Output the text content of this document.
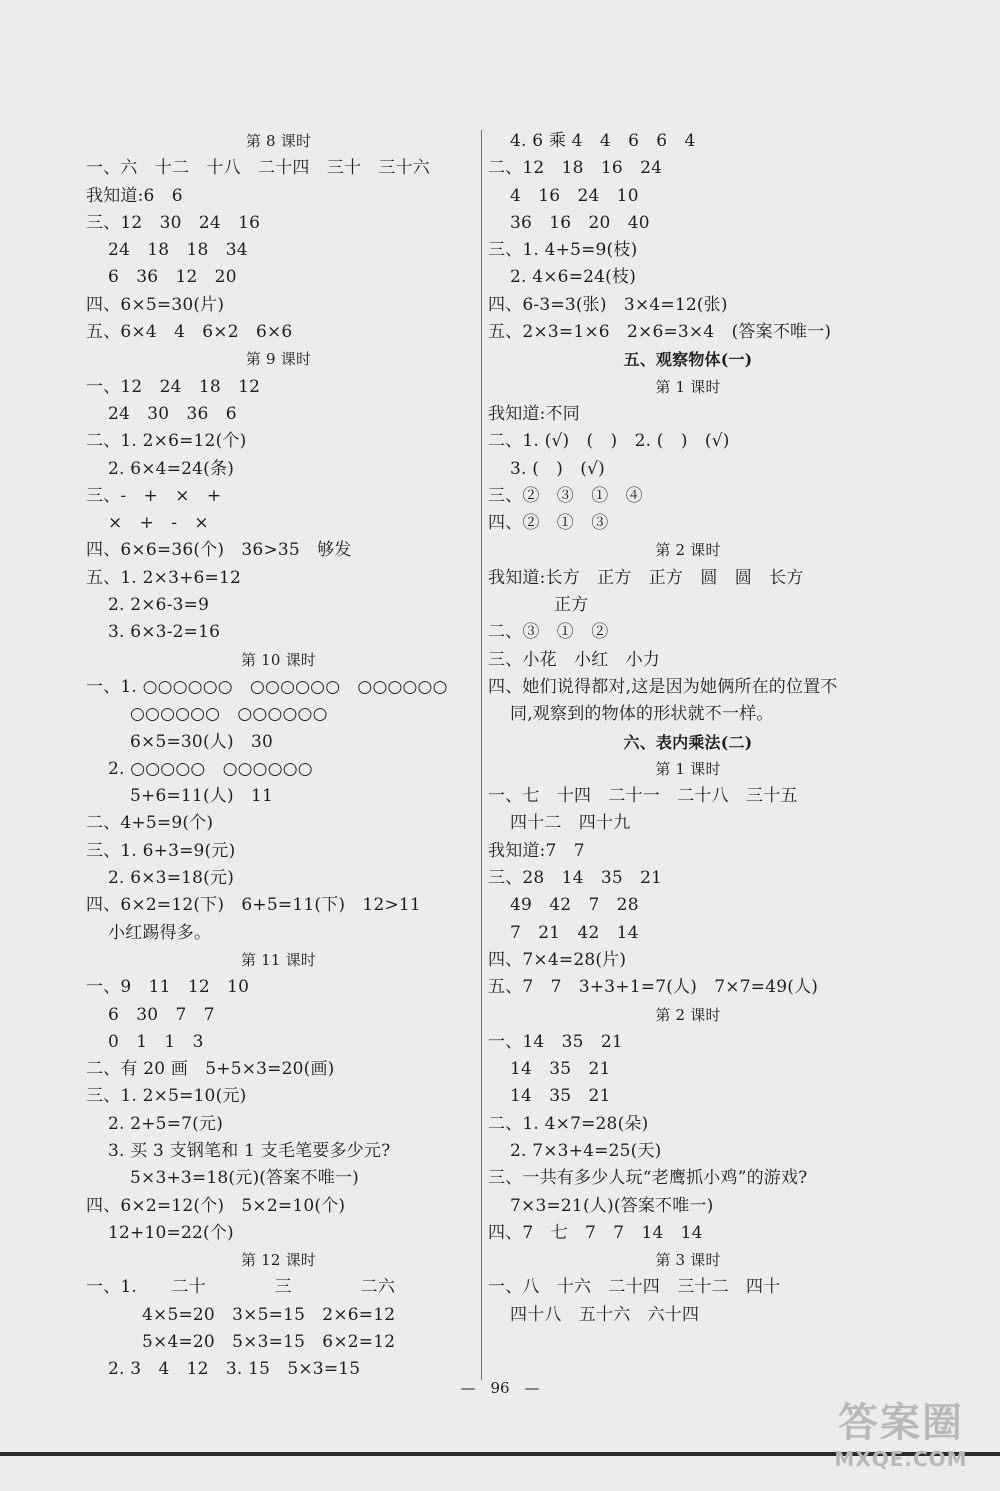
第 8 课时
一、六　十二　十八　二十四　三十　三十六
我知道:6　6
三、12　30　24　16
24　18　18　34
6　36　12　20
四、6×5=30(片)
五、6×4　4　6×2　6×6
第 9 课时
一、12　24　18　12
24　30　36　6
二、1. 2×6=12(个)
2. 6×4=24(条)
三、-　+　×　+
×　+　-　×
四、6×6=36(个)　36>35　够发
五、1. 2×3+6=12
2. 2×6-3=9
3. 6×3-2=16
第 10 课时
一、1. ○○○○○○　○○○○○○　○○○○○○
○○○○○○　○○○○○○
6×5=30(人)　30
2. ○○○○○　○○○○○○
5+6=11(人)　11
二、4+5=9(个)
三、1. 6+3=9(元)
2. 6×3=18(元)
四、6×2=12(下)　6+5=11(下)　12>11
小红踢得多。
第 11 课时
一、9　11　12　10
6　30　7　7
0　1　1　3
二、有 20 画　5+5×3=20(画)
三、1. 2×5=10(元)
2. 2+5=7(元)
3. 买 3 支钢笔和 1 支毛笔要多少元?
5×3+3=18(元)(答案不唯一)
四、6×2=12(个)　5×2=10(个)
12+10=22(个)
第 12 课时
一、1.　　二十　　　　三　　　　二六
4×5=20　3×5=15　2×6=12
5×4=20　5×3=15　6×2=12
2. 3　4　12　3. 15　5×3=15
4. 6 乘 4　4　6　6　4
二、12　18　16　24
4　16　24　10
36　16　20　40
三、1. 4+5=9(枝)
2. 4×6=24(枝)
四、6-3=3(张)　3×4=12(张)
五、2×3=1×6　2×6=3×4　(答案不唯一)
五、观察物体(一)
第 1 课时
我知道:不同
二、1. (√)　(　)　2. (　)　(√)
3. (　)　(√)
三、②　③　①　④
四、②　①　③
第 2 课时
我知道:长方　正方　正方　圆　圆　长方
正方
二、③　①　②
三、小花　小红　小力
四、她们说得都对,这是因为她俩所在的位置不
同,观察到的物体的形状就不一样。
六、表内乘法(二)
第 1 课时
一、七　十四　二十一　二十八　三十五
四十二　四十九
我知道:7　7
三、28　14　35　21
49　42　7　28
7　21　42　14
四、7×4=28(片)
五、7　7　3+3+1=7(人)　7×7=49(人)
第 2 课时
一、14　35　21
14　35　21
14　35　21
二、1. 4×7=28(朵)
2. 7×3+4=25(天)
三、一共有多少人玩“老鹰抓小鸡”的游戏?
7×3=21(人)(答案不唯一)
四、7　七　7　7　14　14
第 3 课时
一、八　十六　二十四　三十二　四十
四十八　五十六　六十四
—　96　—
答案圈
MXQE.COM
